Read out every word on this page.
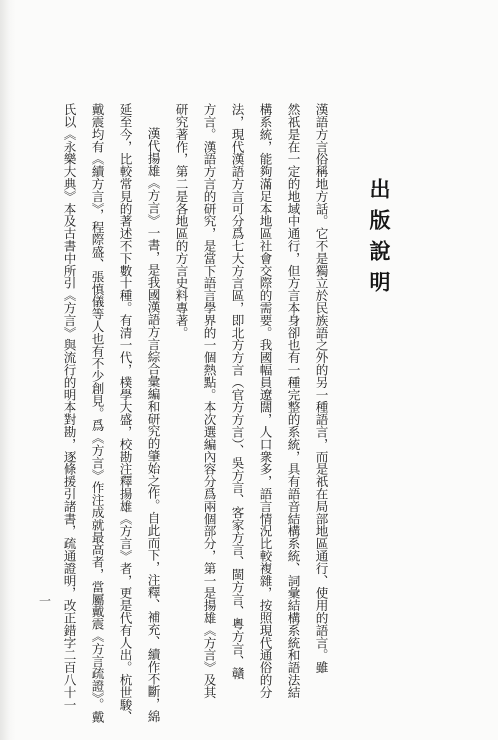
出版說明
漢語方言俗稱地方話。它不是獨立於民族語之外的另一種語言，而是祇在局部地區通行、使用的語言。雖
然祇是在一定的地域中通行，但方言本身卻也有一種完整的系統，具有語音結構系統、詞彙結構系統和語法結
構系統，能夠滿足本地區社會交際的需要。我國幅員遼闊，人口衆多，語言情況比較複雜，按照現代通俗的分
法，現代漢語方言可分爲七大方言區，即北方方言（官方方言）、吳方言、客家方言、閩方言、粵方言、贛
方言。漢語方言的研究，是當下語言學界的一個熱點。本次選編內容分爲兩個部分，第一是揚雄《方言》及其
研究著作，第二是各地區的方言史料專著。
漢代揚雄《方言》一書，是我國漢語方言綜合彙編和研究的肇始之作。自此而下，注釋、補充、續作不斷，綿
延至今，比較常見的著述不下數十種。有清一代，樸學大盛，校勘注釋揚雄《方言》者，更是代有人出。杭世駿、
戴震均有《續方言》，程際盛、張慎儀等人也有不少創見。爲《方言》作注成就最高者，當屬戴震《方言疏證》。戴
氏以《永樂大典》本及古書中所引《方言》與流行的明本對勘，逐條援引諸書，疏通證明，改正錯字二百八十一
一
